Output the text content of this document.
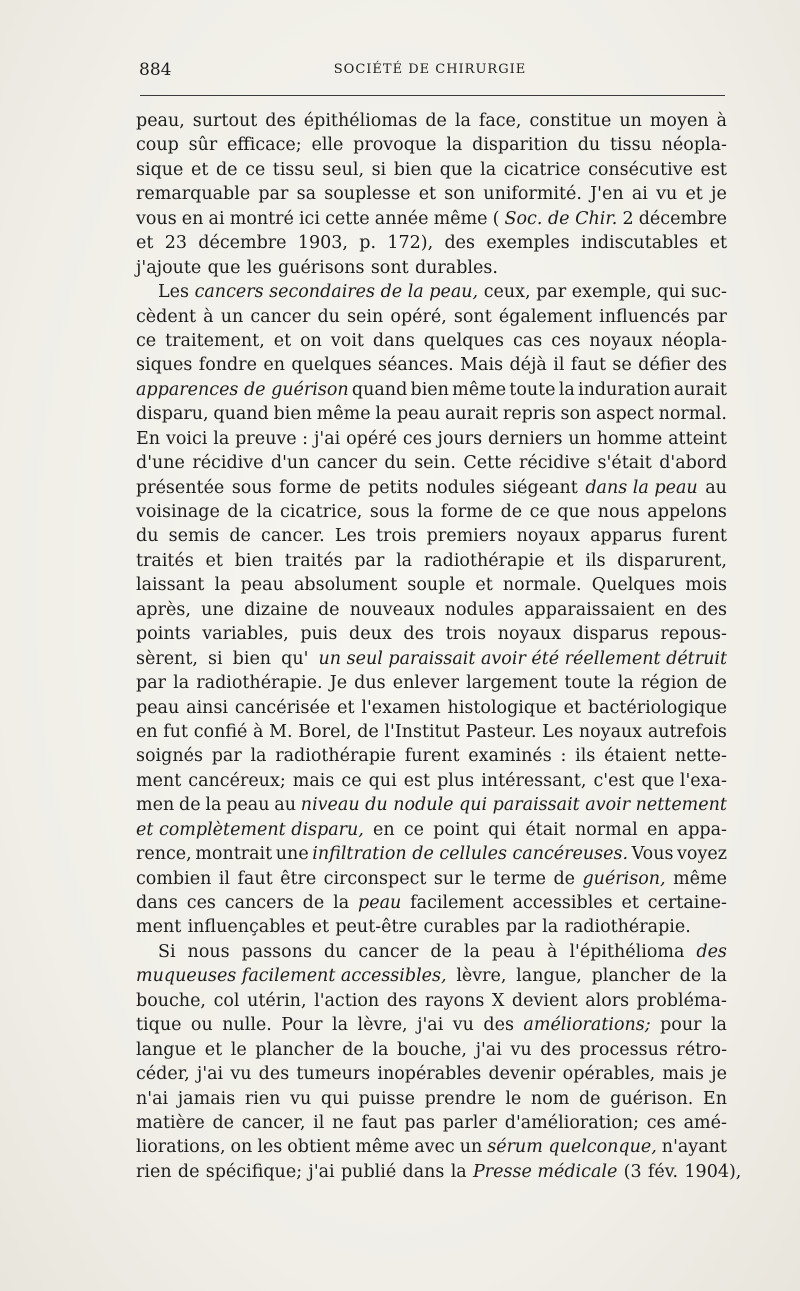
884	SOCIÉTÉ DE CHIRURGIE
peau, surtout des épithéliomas de la face, constitue un moyen à
coup sûr efficace; elle provoque la disparition du tissu néopla-
sique et de ce tissu seul, si bien que la cicatrice consécutive est
remarquable par sa souplesse et son uniformité. J'en ai vu et je
vous en ai montré ici cette année même ( Soc. de Chir. 2 décembre
et 23 décembre 1903, p. 172), des exemples indiscutables et
j'ajoute que les guérisons sont durables.
Les cancers secondaires de la peau, ceux, par exemple, qui suc-
cèdent à un cancer du sein opéré, sont également influencés par
ce traitement, et on voit dans quelques cas ces noyaux néopla-
siques fondre en quelques séances. Mais déjà il faut se défier des
apparences de guérison quand bien même toute la induration aurait
disparu, quand bien même la peau aurait repris son aspect normal.
En voici la preuve : j'ai opéré ces jours derniers un homme atteint
d'une récidive d'un cancer du sein. Cette récidive s'était d'abord
présentée sous forme de petits nodules siégeant dans la peau au
voisinage de la cicatrice, sous la forme de ce que nous appelons
du semis de cancer. Les trois premiers noyaux apparus furent
traités et bien traités par la radiothérapie et ils disparurent,
laissant la peau absolument souple et normale. Quelques mois
après, une dizaine de nouveaux nodules apparaissaient en des
points variables, puis deux des trois noyaux disparus repous-
sèrent, si bien qu' un seul paraissait avoir été réellement détruit
par la radiothérapie. Je dus enlever largement toute la région de
peau ainsi cancérisée et l'examen histologique et bactériologique
en fut confié à M. Borel, de l'Institut Pasteur. Les noyaux autrefois
soignés par la radiothérapie furent examinés : ils étaient nette-
ment cancéreux; mais ce qui est plus intéressant, c'est que l'exa-
men de la peau au niveau du nodule qui paraissait avoir nettement
et complètement disparu, en ce point qui était normal en appa-
rence, montrait une infiltration de cellules cancéreuses. Vous voyez
combien il faut être circonspect sur le terme de guérison, même
dans ces cancers de la peau facilement accessibles et certaine-
ment influençables et peut-être curables par la radiothérapie.
Si nous passons du cancer de la peau à l'épithélioma des
muqueuses facilement accessibles, lèvre, langue, plancher de la
bouche, col utérin, l'action des rayons X devient alors probléma-
tique ou nulle. Pour la lèvre, j'ai vu des améliorations; pour la
langue et le plancher de la bouche, j'ai vu des processus rétro-
céder, j'ai vu des tumeurs inopérables devenir opérables, mais je
n'ai jamais rien vu qui puisse prendre le nom de guérison. En
matière de cancer, il ne faut pas parler d'amélioration; ces amé-
liorations, on les obtient même avec un sérum quelconque, n'ayant
rien de spécifique; j'ai publié dans la Presse médicale (3 fév. 1904),
